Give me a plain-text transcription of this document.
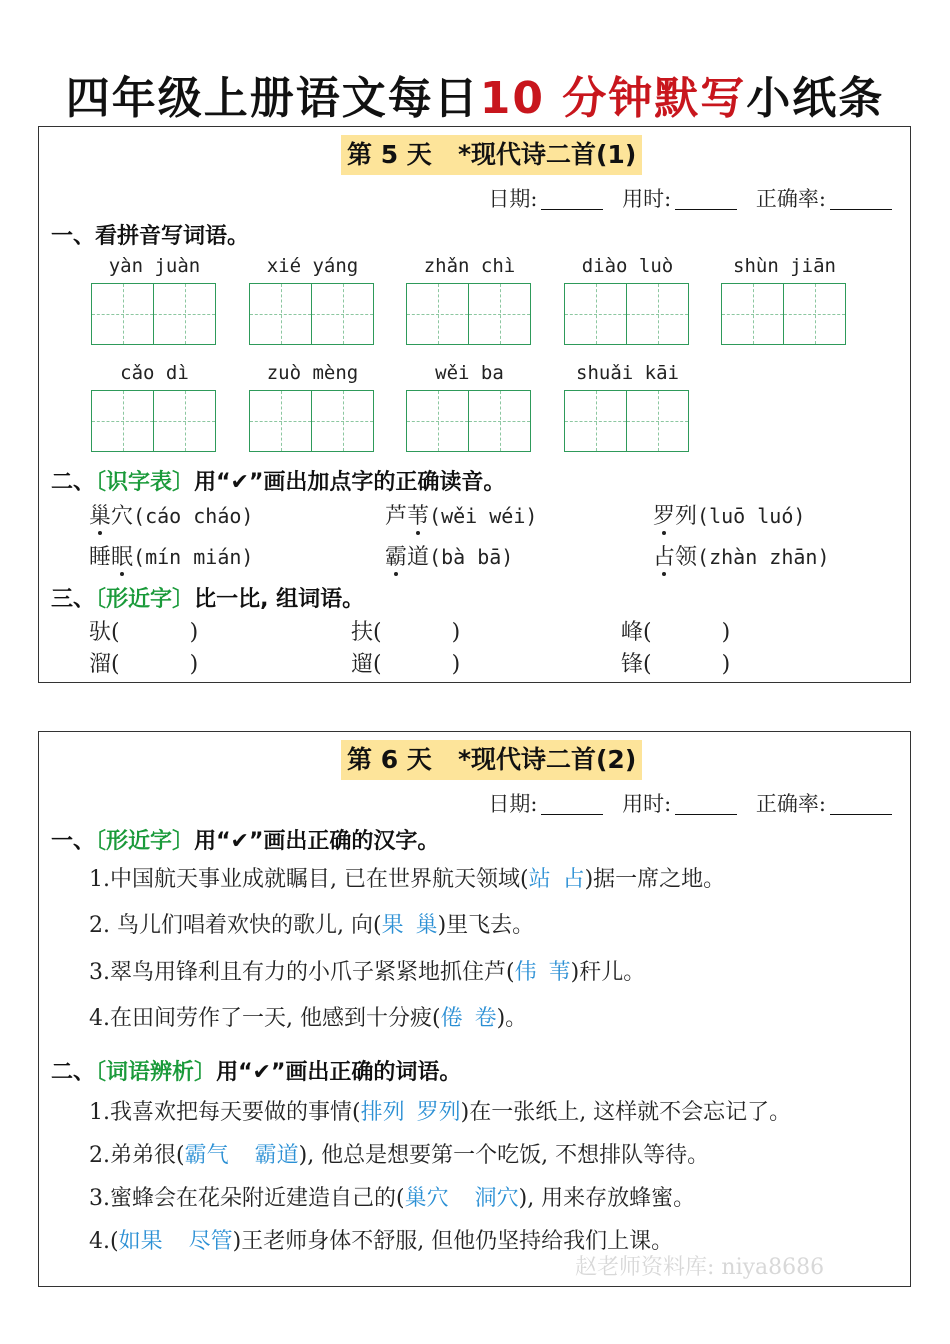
四年级上册语文每日10 分钟默写小纸条
第 5 天 *现代诗二首(1)
日期:	用时:	正确率:
一、看拼音写词语。
yàn juàn	xié yáng	zhǎn chì	diào luò	shùn jiān
cǎo dì	zuò mèng	wěi ba	shuǎi kāi
二、〔识字表〕用“✔”画出加点字的正确读音。
巢穴(cáo cháo)	芦苇(wěi wéi)	罗列(luō luó)
睡眠(mín mián)	霸道(bà bā)	占领(zhàn zhān)
三、〔形近字〕比一比, 组词语。
驮(	)	扶(	)	峰(	)
溜(	)	遛(	)	锋(	)
第 6 天 *现代诗二首(2)
日期:	用时:	正确率:
一、〔形近字〕用“✔”画出正确的汉字。
1.中国航天事业成就瞩目, 已在世界航天领域(站 占)据一席之地。
2. 鸟儿们唱着欢快的歌儿, 向(果 巢)里飞去。
3.翠鸟用锋利且有力的小爪子紧紧地抓住芦(伟 苇)秆儿。
4.在田间劳作了一天, 他感到十分疲(倦 卷)。
二、〔词语辨析〕用“✔”画出正确的词语。
1.我喜欢把每天要做的事情(排列 罗列)在一张纸上, 这样就不会忘记了。
2.弟弟很(霸气 霸道), 他总是想要第一个吃饭, 不想排队等待。
3.蜜蜂会在花朵附近建造自己的(巢穴 洞穴), 用来存放蜂蜜。
4.(如果 尽管)王老师身体不舒服, 但他仍坚持给我们上课。
赵老师资料库: niya8686
